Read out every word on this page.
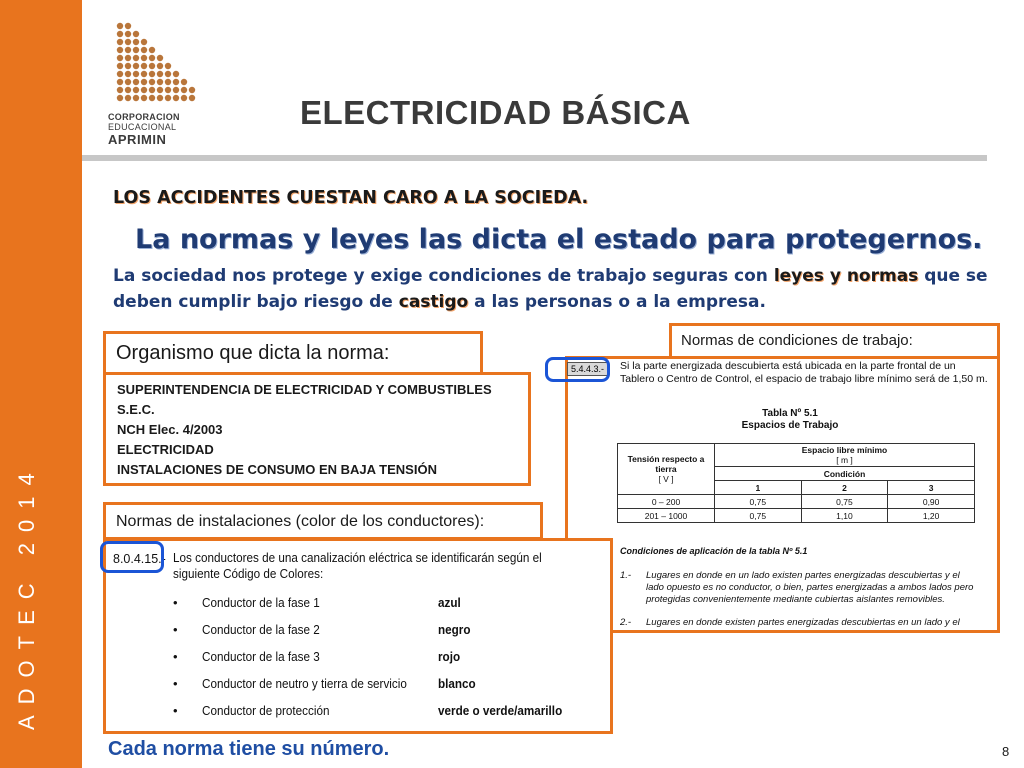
ADOTEC 2014
CORPORACION
EDUCACIONAL
APRIMIN
ELECTRICIDAD BÁSICA
LOS ACCIDENTES CUESTAN CARO A LA SOCIEDA.
La normas y leyes las dicta el estado para protegernos.
La sociedad nos protege y exige condiciones de trabajo seguras con leyes y normas que se deben cumplir bajo riesgo de castigo a las personas o a la empresa.
Organismo que dicta la norma:
SUPERINTENDENCIA DE ELECTRICIDAD Y COMBUSTIBLES
S.E.C.
NCH Elec. 4/2003
ELECTRICIDAD
INSTALACIONES DE CONSUMO EN BAJA TENSIÓN
Normas de condiciones de trabajo:
5.4.4.3.-	Si la parte energizada descubierta está ubicada en la parte frontal de un Tablero o Centro de Control, el espacio de trabajo libre mínimo será de 1,50 m.
Tabla Nº 5.1
Espacios de Trabajo
Tensión respecto a tierra
[ V ]	Espacio libre mínimo
[ m ]		
	Condición		
	1	2	3
0 – 200	0,75	0,75	0,90
201 – 1000	0,75	1,10	1,20
Condiciones de aplicación de la tabla Nº 5.1
1.- Lugares en donde en un lado existen partes energizadas descubiertas y el lado opuesto es no conductor, o bien, partes energizadas a ambos lados pero protegidas convenientemente mediante cubiertas aislantes removibles.
2.- Lugares en donde existen partes energizadas descubiertas en un lado y el
Normas de instalaciones (color de los conductores):
8.0.4.15.- Los conductores de una canalización eléctrica se identificarán según el siguiente Código de Colores:
• Conductor de la fase 1	azul
• Conductor de la fase 2	negro
• Conductor de la fase 3	rojo
• Conductor de neutro y tierra de servicio blanco
• Conductor de protección	verde o verde/amarillo
Cada norma tiene su número.	8
